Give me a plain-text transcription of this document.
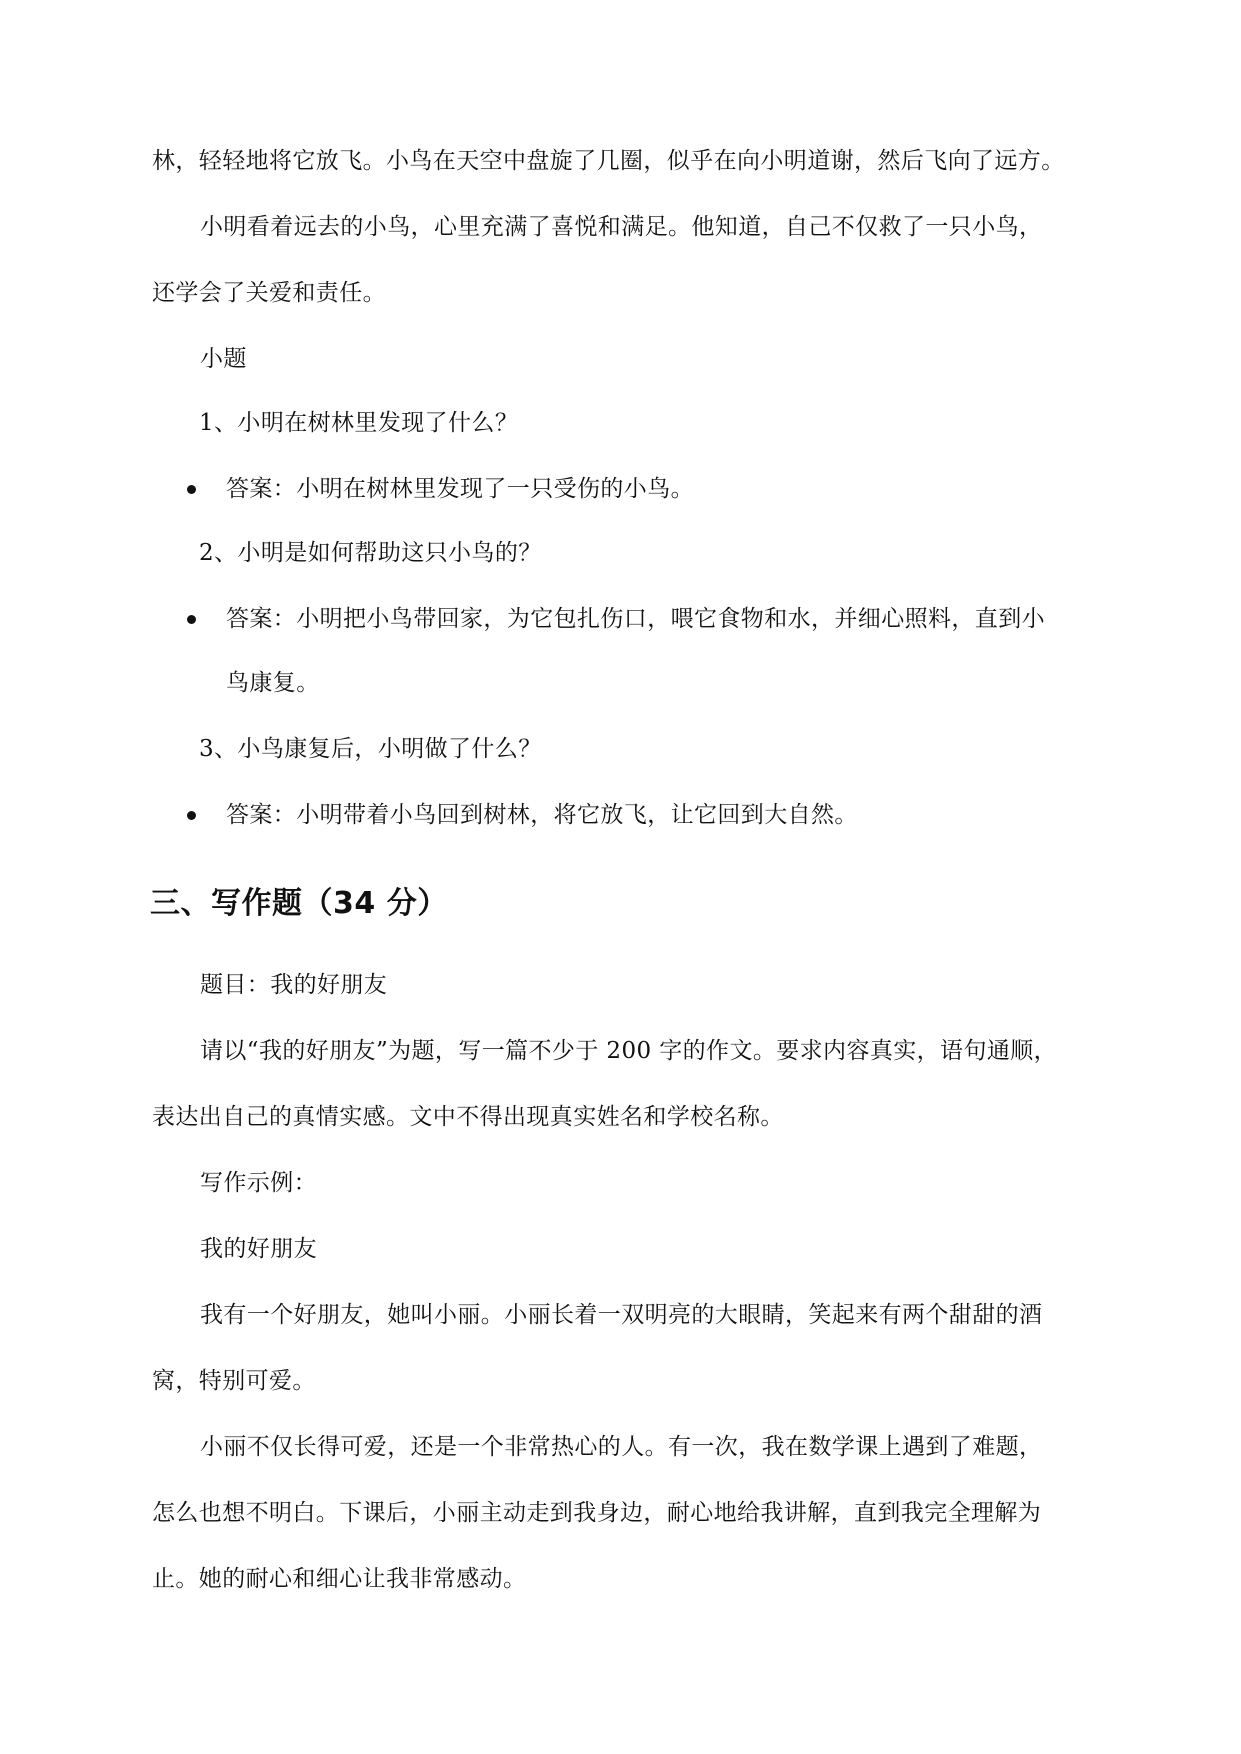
林，轻轻地将它放飞。小鸟在天空中盘旋了几圈，似乎在向小明道谢，然后飞向了远方。
小明看着远去的小鸟，心里充满了喜悦和满足。他知道，自己不仅救了一只小鸟，
还学会了关爱和责任。
小题
1、小明在树林里发现了什么？
答案：小明在树林里发现了一只受伤的小鸟。
2、小明是如何帮助这只小鸟的？
答案：小明把小鸟带回家，为它包扎伤口，喂它食物和水，并细心照料，直到小
鸟康复。
3、小鸟康复后，小明做了什么？
答案：小明带着小鸟回到树林，将它放飞，让它回到大自然。
三、写作题（34 分）
题目：我的好朋友
请以“我的好朋友”为题，写一篇不少于 200 字的作文。要求内容真实，语句通顺，
表达出自己的真情实感。文中不得出现真实姓名和学校名称。
写作示例：
我的好朋友
我有一个好朋友，她叫小丽。小丽长着一双明亮的大眼睛，笑起来有两个甜甜的酒
窝，特别可爱。
小丽不仅长得可爱，还是一个非常热心的人。有一次，我在数学课上遇到了难题，
怎么也想不明白。下课后，小丽主动走到我身边，耐心地给我讲解，直到我完全理解为
止。她的耐心和细心让我非常感动。
